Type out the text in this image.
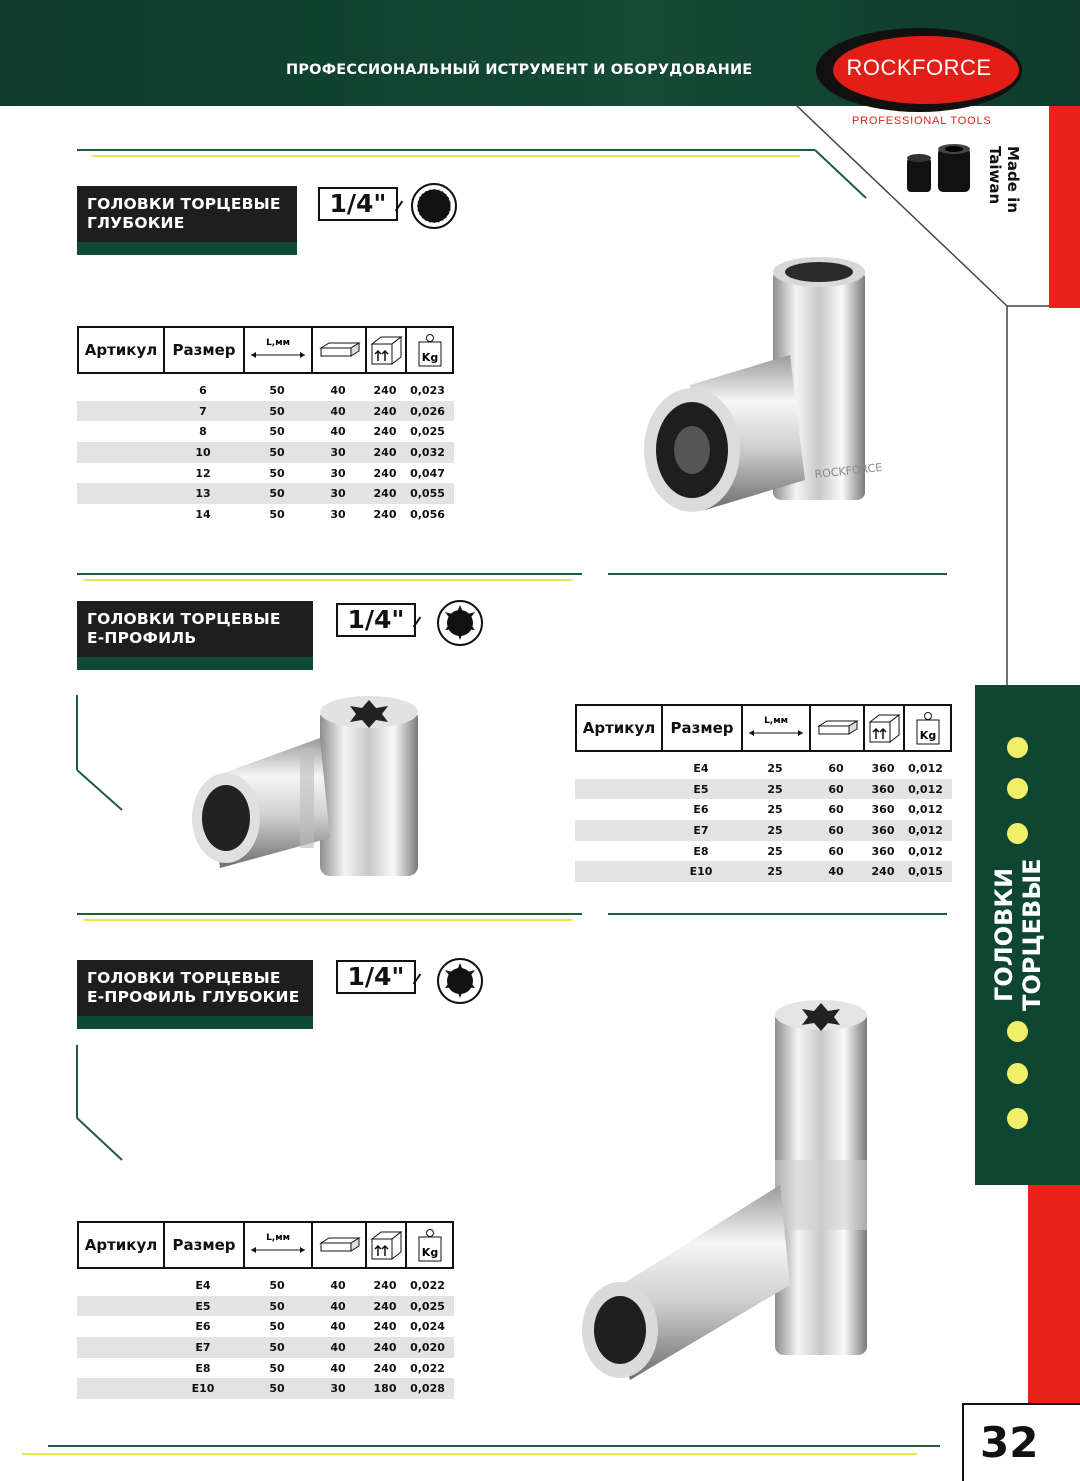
ПРОФЕССИОНАЛЬНЫЙ ИСТРУМЕНТ И ОБОРУДОВАНИЕ	ROCKFORCE
PROFESSIONAL TOOLS
Made in Taiwan
ГОЛОВКИ ТОРЦЕВЫЕ
32
ГОЛОВКИ ТОРЦЕВЫЕ
ГЛУБОКИЕ
1/4"
Артикул	Размер	L,мм
Kg
6	50	40	240	0,023
7	50	40	240	0,026
8	50	40	240	0,025
10	50	30	240	0,032
12	50	30	240	0,047
13	50	30	240	0,055
14	50	30	240	0,056
ROCKFORCE
ГОЛОВКИ ТОРЦЕВЫЕ
Е-ПРОФИЛЬ
1/4"
Артикул	Размер	L,мм
Kg
E4	25	60	360	0,012
E5	25	60	360	0,012
E6	25	60	360	0,012
E7	25	60	360	0,012
E8	25	60	360	0,012
E10	25	40	240	0,015
ГОЛОВКИ ТОРЦЕВЫЕ
Е-ПРОФИЛЬ ГЛУБОКИЕ
1/4"
Артикул	Размер	L,мм
Kg
E4	50	40	240	0,022
E5	50	40	240	0,025
E6	50	40	240	0,024
E7	50	40	240	0,020
E8	50	40	240	0,022
E10	50	30	180	0,028
